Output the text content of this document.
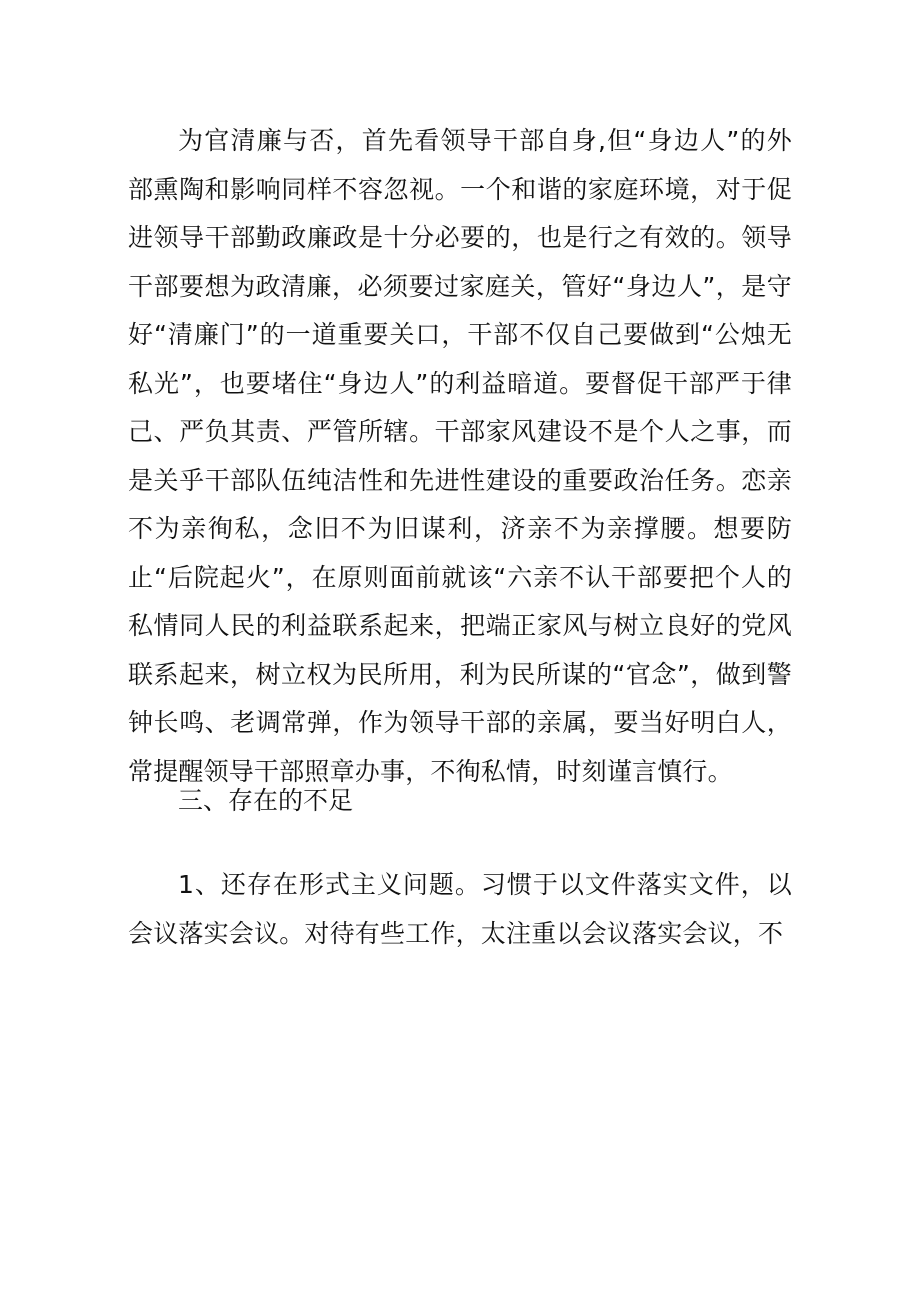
为官清廉与否，首先看领导干部自身,但“身边人”的外部熏陶和影响同样不容忽视。一个和谐的家庭环境，对于促进领导干部勤政廉政是十分必要的，也是行之有效的。领导干部要想为政清廉，必须要过家庭关，管好“身边人”，是守好“清廉门”的一道重要关口，干部不仅自己要做到“公烛无私光”，也要堵住“身边人”的利益暗道。要督促干部严于律己、严负其责、严管所辖。干部家风建设不是个人之事，而是关乎干部队伍纯洁性和先进性建设的重要政治任务。恋亲不为亲徇私，念旧不为旧谋利，济亲不为亲撑腰。想要防止“后院起火”，在原则面前就该“六亲不认干部要把个人的私情同人民的利益联系起来，把端正家风与树立良好的党风联系起来，树立权为民所用，利为民所谋的“官念”，做到警钟长鸣、老调常弹，作为领导干部的亲属，要当好明白人，常提醒领导干部照章办事，不徇私情，时刻谨言慎行。

三、存在的不足

1、还存在形式主义问题。习惯于以文件落实文件，以会议落实会议。对待有些工作，太注重以会议落实会议，不
